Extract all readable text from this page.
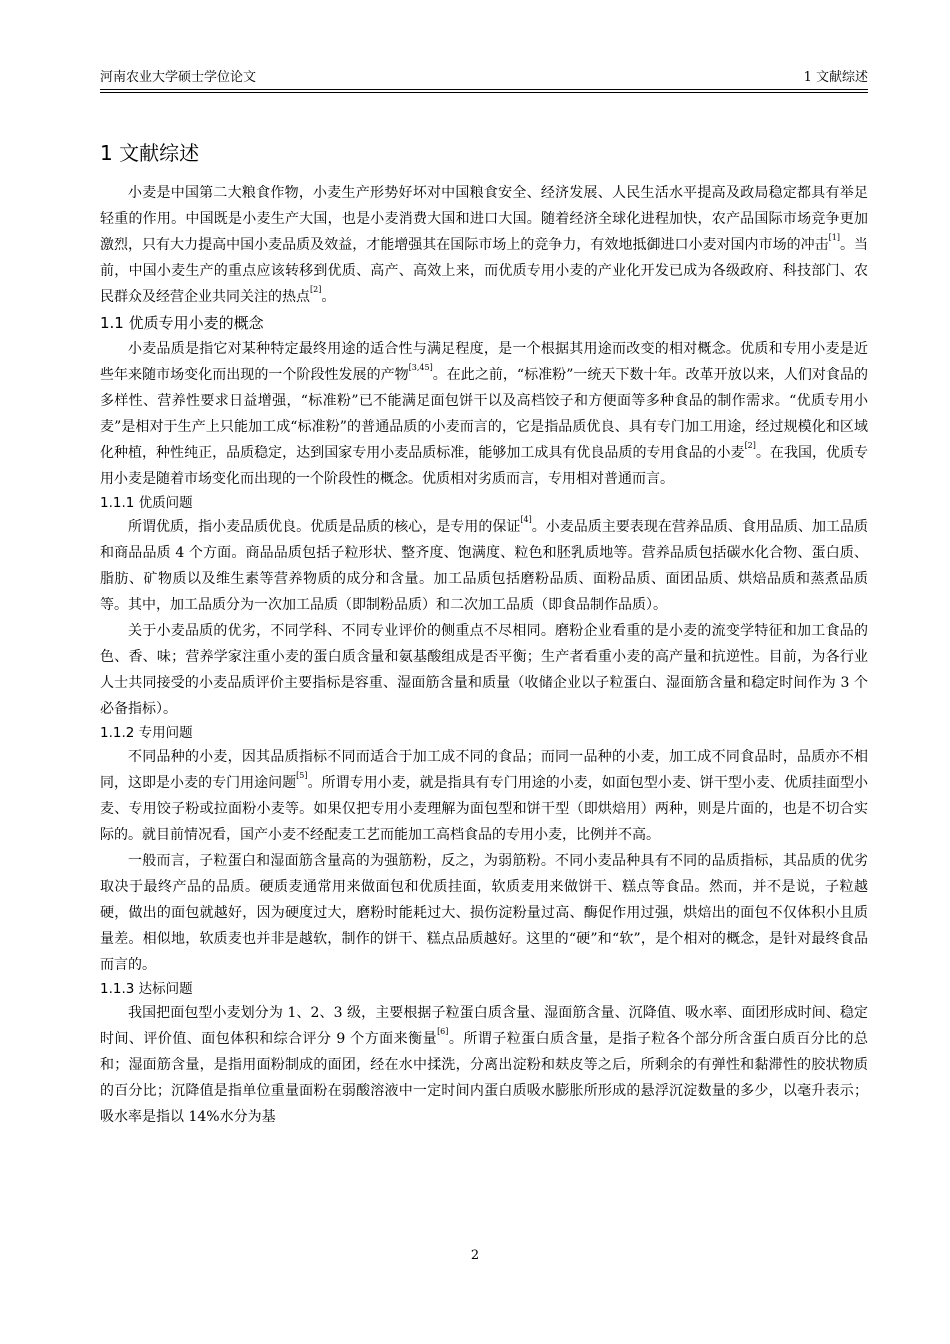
河南农业大学硕士学位论文	1 文献综述
1 文献综述

小麦是中国第二大粮食作物，小麦生产形势好坏对中国粮食安全、经济发展、人民生活水平提高及政局稳定都具有举足轻重的作用。中国既是小麦生产大国，也是小麦消费大国和进口大国。随着经济全球化进程加快，农产品国际市场竞争更加激烈，只有大力提高中国小麦品质及效益，才能增强其在国际市场上的竞争力，有效地抵御进口小麦对国内市场的冲击[1]。当前，中国小麦生产的重点应该转移到优质、高产、高效上来，而优质专用小麦的产业化开发已成为各级政府、科技部门、农民群众及经营企业共同关注的热点[2]。

1.1 优质专用小麦的概念

小麦品质是指它对某种特定最终用途的适合性与满足程度，是一个根据其用途而改变的相对概念。优质和专用小麦是近些年来随市场变化而出现的一个阶段性发展的产物[3,45]。在此之前，“标准粉”一统天下数十年。改革开放以来，人们对食品的多样性、营养性要求日益增强，“标准粉”已不能满足面包饼干以及高档饺子和方便面等多种食品的制作需求。“优质专用小麦”是相对于生产上只能加工成“标准粉”的普通品质的小麦而言的，它是指品质优良、具有专门加工用途，经过规模化和区域化种植，种性纯正，品质稳定，达到国家专用小麦品质标准，能够加工成具有优良品质的专用食品的小麦[2]。在我国，优质专用小麦是随着市场变化而出现的一个阶段性的概念。优质相对劣质而言，专用相对普通而言。

1.1.1 优质问题

所谓优质，指小麦品质优良。优质是品质的核心，是专用的保证[4]。小麦品质主要表现在营养品质、食用品质、加工品质和商品品质 4 个方面。商品品质包括子粒形状、整齐度、饱满度、粒色和胚乳质地等。营养品质包括碳水化合物、蛋白质、脂肪、矿物质以及维生素等营养物质的成分和含量。加工品质包括磨粉品质、面粉品质、面团品质、烘焙品质和蒸煮品质等。其中，加工品质分为一次加工品质（即制粉品质）和二次加工品质（即食品制作品质）。

关于小麦品质的优劣，不同学科、不同专业评价的侧重点不尽相同。磨粉企业看重的是小麦的流变学特征和加工食品的色、香、味；营养学家注重小麦的蛋白质含量和氨基酸组成是否平衡；生产者看重小麦的高产量和抗逆性。目前，为各行业人士共同接受的小麦品质评价主要指标是容重、湿面筋含量和质量（收储企业以子粒蛋白、湿面筋含量和稳定时间作为 3 个必备指标）。

1.1.2 专用问题

不同品种的小麦，因其品质指标不同而适合于加工成不同的食品；而同一品种的小麦，加工成不同食品时，品质亦不相同，这即是小麦的专门用途问题[5]。所谓专用小麦，就是指具有专门用途的小麦，如面包型小麦、饼干型小麦、优质挂面型小麦、专用饺子粉或拉面粉小麦等。如果仅把专用小麦理解为面包型和饼干型（即烘焙用）两种，则是片面的，也是不切合实际的。就目前情况看，国产小麦不经配麦工艺而能加工高档食品的专用小麦，比例并不高。

一般而言，子粒蛋白和湿面筋含量高的为强筋粉，反之，为弱筋粉。不同小麦品种具有不同的品质指标，其品质的优劣取决于最终产品的品质。硬质麦通常用来做面包和优质挂面，软质麦用来做饼干、糕点等食品。然而，并不是说，子粒越硬，做出的面包就越好，因为硬度过大，磨粉时能耗过大、损伤淀粉量过高、酶促作用过强，烘焙出的面包不仅体积小且质量差。相似地，软质麦也并非是越软，制作的饼干、糕点品质越好。这里的“硬”和“软”，是个相对的概念，是针对最终食品而言的。

1.1.3 达标问题

我国把面包型小麦划分为 1、2、3 级，主要根据子粒蛋白质含量、湿面筋含量、沉降值、吸水率、面团形成时间、稳定时间、评价值、面包体积和综合评分 9 个方面来衡量[6]。所谓子粒蛋白质含量，是指子粒各个部分所含蛋白质百分比的总和；湿面筋含量，是指用面粉制成的面团，经在水中揉洗，分离出淀粉和麸皮等之后，所剩余的有弹性和黏滞性的胶状物质的百分比；沉降值是指单位重量面粉在弱酸溶液中一定时间内蛋白质吸水膨胀所形成的悬浮沉淀数量的多少，以毫升表示；吸水率是指以 14%水分为基

2
